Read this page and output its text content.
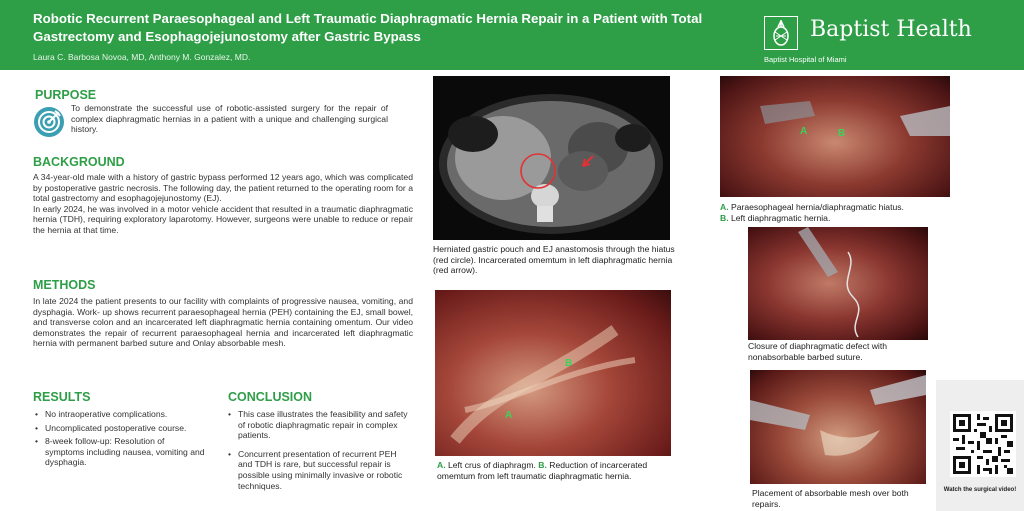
Robotic Recurrent Paraesophageal and Left Traumatic Diaphragmatic Hernia Repair in a Patient with Total Gastrectomy and Esophagojejunostomy after Gastric Bypass
Laura C. Barbosa Novoa, MD, Anthony M. Gonzalez, MD.
Baptist Health
Baptist Hospital of Miami
PURPOSE
To demonstrate the successful use of robotic-assisted surgery for the repair of complex diaphragmatic hernias in a patient with a unique and challenging surgical history.
BACKGROUND

A 34-year-old male with a history of gastric bypass performed 12 years ago, which was complicated by postoperative gastric necrosis. The following day, the patient returned to the operating room for a total gastrectomy and esophagojejunostomy (EJ).

In early 2024, he was involved in a motor vehicle accident that resulted in a traumatic diaphragmatic hernia (TDH), requiring exploratory laparotomy. However, surgeons were unable to reduce or repair the hernia at that time.

METHODS
In late 2024 the patient presents to our facility with complaints of progressive nausea, vomiting, and dysphagia. Work- up shows recurrent paraesophageal hernia (PEH) containing the EJ, small bowel, and transverse colon and an incarcerated left diaphragmatic hernia containing omentum. Our video demonstrates the repair of recurrent paraesophageal hernia and incarcerated left diaphragmatic hernia with permanent barbed suture and Onlay absorbable mesh.
RESULTS
• No intraoperative complications.
• Uncomplicated postoperative course.
• 8-week follow-up: Resolution of symptoms including nausea, vomiting and dysphagia.
CONCLUSION
• This case illustrates the feasibility and safety of robotic diaphragmatic repair in complex patients.
• Concurrent presentation of recurrent PEH and TDH is rare, but successful repair is possible using minimally invasive or robotic techniques.
Herniated gastric pouch and EJ anastomosis through the hiatus (red circle). Incarcerated omemtum in left diaphragmatic hernia (red arrow).
A
B
A. Left crus of diaphragm. B. Reduction of incarcerated omemtum from left traumatic diaphragmatic hernia.
A	B
A. Paraesophageal hernia/diaphragmatic hiatus.
B. Left diaphragmatic hernia.
Closure of diaphragmatic defect with nonabsorbable barbed suture.
Placement of absorbable mesh over both repairs.
Watch the surgical video!
